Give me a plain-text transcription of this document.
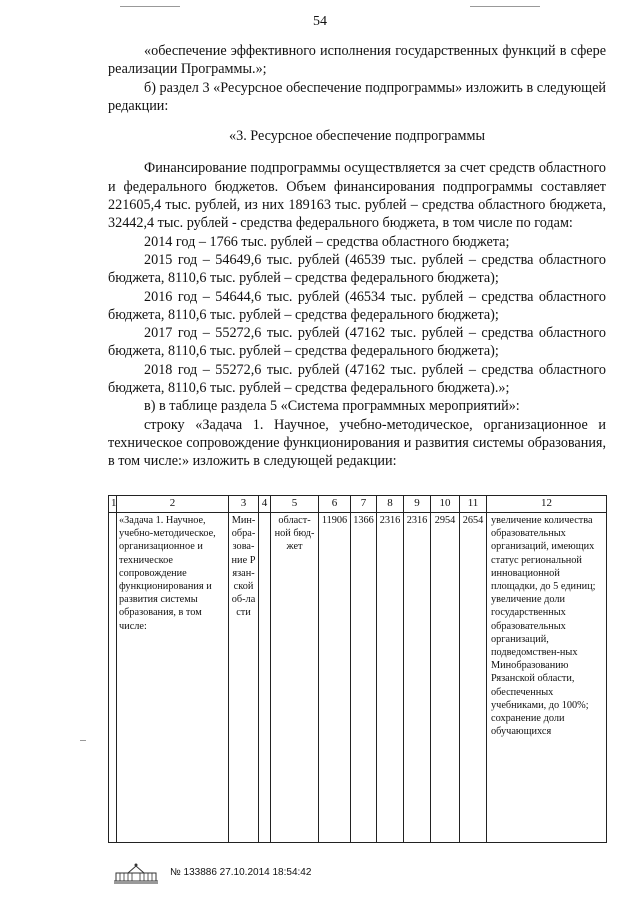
54

«обеспечение эффективного исполнения государственных функций в сфере реализации Программы.»;

б) раздел 3 «Ресурсное обеспечение подпрограммы» изложить в следующей редакции:

«3. Ресурсное обеспечение подпрограммы

Финансирование подпрограммы осуществляется за счет средств областного и федерального бюджетов. Объем финансирования подпрограммы составляет 221605,4 тыс. рублей, из них 189163 тыс. рублей – средства областного бюджета, 32442,4 тыс. рублей - средства федерального бюджета, в том числе по годам:

2014 год – 1766 тыс. рублей – средства областного бюджета;

2015 год – 54649,6 тыс. рублей (46539 тыс. рублей – средства областного бюджета, 8110,6 тыс. рублей – средства федерального бюджета);

2016 год – 54644,6 тыс. рублей (46534 тыс. рублей – средства областного бюджета, 8110,6 тыс. рублей – средства федерального бюджета);

2017 год – 55272,6 тыс. рублей (47162 тыс. рублей – средства областного бюджета, 8110,6 тыс. рублей – средства федерального бюджета);

2018 год – 55272,6 тыс. рублей (47162 тыс. рублей – средства областного бюджета, 8110,6 тыс. рублей – средства федерального бюджета).»;

в) в таблице раздела 5 «Система программных мероприятий»:

строку «Задача 1. Научное, учебно-методическое, организационное и техническое сопровождение функционирования и развития системы образования, в том числе:» изложить в следующей редакции:

1	2	3	4	5	6	7	8	9	10	11	12
	«Задача 1. Научное, учебно-методическое, организационное и техническое сопровождение функционирования и развития системы образования, в том числе:	Мин-обра-зова-ние Рязан-ской об-ласти		област-ной бюд-жет	11906	1366	2316	2316	2954	2654	увеличение количества образовательных организаций, имеющих статус региональной инновационной площадки, до 5 единиц; увеличение доли государственных образовательных организаций, подведомствен-ных Минобразованию Рязанской области, обеспеченных учебниками, до 100%; сохранение доли обучающихся
№ 133886 27.10.2014 18:54:42
